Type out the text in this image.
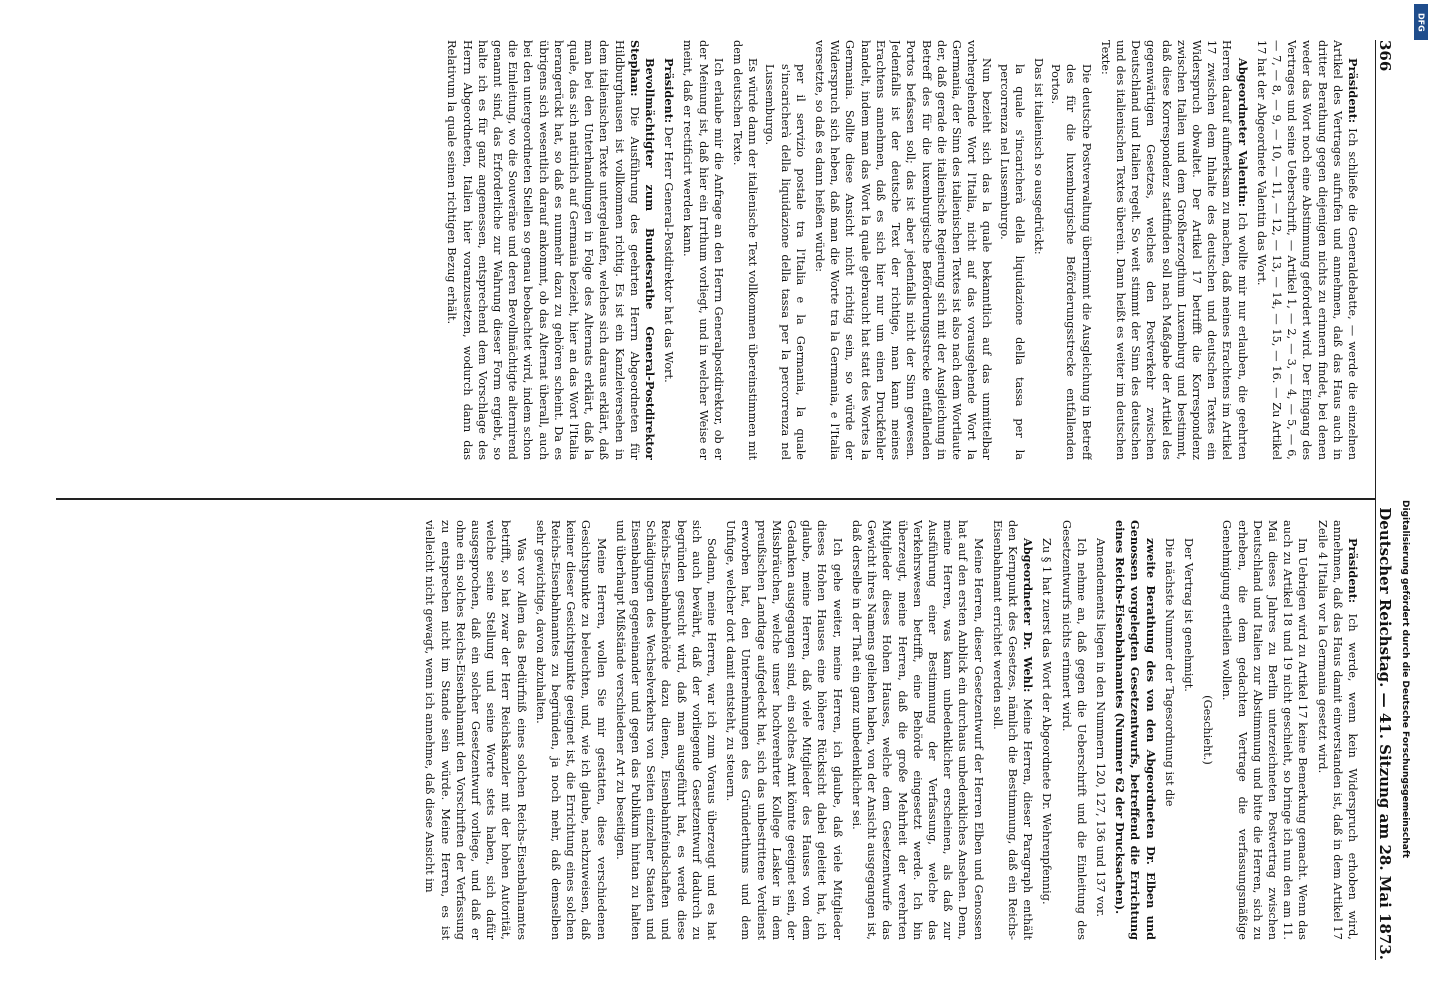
366
Deutscher Reichstag. — 41. Sitzung am 28. Mai 1873.

Präsident: Ich schließe die Generaldebatte, — werde die einzelnen Artikel des Vertrages aufrufen und annehmen, daß das Haus auch in dritter Berathung gegen diejenigen nichts zu erinnern findet, bei denen weder das Wort noch eine Abstimmung gefordert wird. Der Eingang des Vertrages und seine Ueberschrift, — Artikel 1, — 2, — 3, — 4, — 5, — 6, — 7, — 8, — 9, — 10, — 11, — 12, — 13, — 14, — 15, — 16. — Zu Artikel 17 hat der Abgeordnete Valentin das Wort.

Abgeordneter Valentin: Ich wollte mir nur erlauben, die geehrten Herren darauf aufmerksam zu machen, daß meines Erachtens im Artikel 17 zwischen dem Inhalte des deutschen und deutschen Textes ein Widerspruch obwaltet. Der Artikel 17 betrifft die Korrespondenz zwischen Italien und dem Großherzogthum Luxemburg und bestimmt, daß diese Korrespondenz stattfinden soll nach Maßgabe der Artikel des gegenwärtigen Gesetzes, welches den Postverkehr zwischen Deutschland und Italien regelt. So weit stimmt der Sinn des deutschen und des italienischen Textes überein. Dann heißt es weiter im deutschen Texte:

Die deutsche Postverwaltung übernimmt die Ausgleichung in Betreff des für die luxemburgische Beförderungsstrecke entfallenden Portos.

Das ist italienisch so ausgedrückt:

la quale s'incaricherà della liquidazione della tassa per la percorrenza nel Lussemburgo.

Nun bezieht sich das la quale bekanntlich auf das unmittelbar vorhergehende Wort l'Italia, nicht auf das vorausgehende Wort la Germania, der Sinn des italienischen Textes ist also nach dem Wortlaute der, daß gerade die italienische Regierung sich mit der Ausgleichung in Betreff des für die luxemburgische Beförderungsstrecke entfallenden Portos befassen soll; das ist aber jedenfalls nicht der Sinn gewesen. Jedenfalls ist der deutsche Text der richtige, man kann meines Erachtens annehmen, daß es sich hier nur um einen Druckfehler handelt, indem man das Wort la quale gebraucht hat statt des Wortes la Germania. Sollte diese Ansicht nicht richtig sein, so würde der Widerspruch sich heben, daß man die Worte tra la Germania, e l'Italia versetzte, so daß es dann heißen würde:

per il servizio postale tra l'Italia e la Germania, la quale s'incaricherà della liquidazione della tassa per la percorrenza nel Lussemburgo.

Es würde dann der italienische Text vollkommen übereinstimmen mit dem deutschen Texte.

Ich erlaube mir die Anfrage an den Herrn Generalpostdirektor, ob er der Meinung ist, daß hier ein Irrthum vorliegt, und in welcher Weise er meint, daß er rectificirt werden kann.

Präsident: Der Herr General-Postdirektor hat das Wort.

Bevollmächtigter zum Bundesrathe General-Postdirektor Stephan: Die Ausführung des geehrten Herrn Abgeordneten für Hildburghausen ist vollkommen richtig. Es ist ein Kanzleiversehen in dem italienischen Texte untergelaufen, welches sich daraus erklärt, daß man bei den Unterhandlungen in Folge des Alternats erklärt, daß la quale, das sich natürlich auf Germania bezieht, hier an das Wort l'Italia herangerückt hat, so daß es nunmehr dazu zu gehören scheint. Da es übrigens sich wesentlich darauf ankommt, ob das Alternat überall, auch bei den untergeordneten Stellen so genau beobachtet wird, indem schon die Einleitung, wo die Souveräne und deren Bevollmächtigte alternirend genannt sind, das Erforderliche zur Wahrung dieser Form ergiebt, so halte ich es für ganz angemessen, entsprechend dem Vorschlage des Herrn Abgeordneten, Italien hier voranzusetzen, wodurch dann das Relativum la quale seinen richtigen Bezug erhält.

Präsident: Ich werde, wenn kein Widerspruch erhoben wird, annehmen, daß das Haus damit einverstanden ist, daß in dem Artikel 17 Zeile 4 l'Italia vor la Germania gesetzt wird.

Im Uebrigen wird zu Artikel 17 keine Bemerkung gemacht. Wenn das auch zu Artikel 18 und 19 nicht geschieht, so bringe ich nun den am 11. Mai dieses Jahres zu Berlin unterzeichneten Postvertrag zwischen Deutschland und Italien zur Abstimmung und bitte die Herren, sich zu erheben, die dem gedachten Vertrage die verfassungsmäßige Genehmigung ertheilen wollen.

(Geschieht.)

Der Vertrag ist genehmigt.

Die nächste Nummer der Tagesordnung ist die

zweite Berathung des von den Abgeordneten Dr. Elben und Genossen vorgelegten Gesetzentwurfs, betreffend die Errichtung eines Reichs-Eisenbahnamtes (Nummer 62 der Drucksachen).

Amendements liegen in den Nummern 120, 127, 136 und 137 vor.

Ich nehme an, daß gegen die Ueberschrift und die Einleitung des Gesetzentwurfs nichts erinnert wird.

Zu § 1 hat zuerst das Wort der Abgeordnete Dr. Wehrenpfennig.

Abgeordneter Dr. Wehl: Meine Herren, dieser Paragraph enthält den Kernpunkt des Gesetzes, nämlich die Bestimmung, daß ein Reichs-Eisenbahnamt errichtet werden soll.

Meine Herren, dieser Gesetzentwurf der Herren Elben und Genossen hat auf den ersten Anblick ein durchaus unbedenkliches Ansehen. Denn, meine Herren, was kann unbedenklicher erscheinen, als daß zur Ausführung einer Bestimmung der Verfassung, welche das Verkehrswesen betrifft, eine Behörde eingesetzt werde. Ich bin überzeugt, meine Herren, daß die große Mehrheit der verehrten Mitglieder dieses Hohen Hauses, welche dem Gesetzentwurfe das Gewicht ihres Namens geliehen haben, von der Ansicht ausgegangen ist, daß derselbe in der That ein ganz unbedenklicher sei.

Ich gehe weiter, meine Herren, ich glaube, daß viele Mitglieder dieses Hohen Hauses eine höhere Rücksicht dabei geleitet hat, ich glaube, meine Herren, daß viele Mitglieder des Hauses von dem Gedanken ausgegangen sind, ein solches Amt könnte geeignet sein, der Missbräuchen, welche unser hochverehrter Kollege Lasker in dem preußischen Landtage aufgedeckt hat, sich das unbestrittene Verdienst erworben hat, den Unternehmungen des Gründerthums und dem Unfuge, welcher dort damit entsteht, zu steuern.

Sodann, meine Herren, war ich zum Voraus überzeugt und es hat sich auch bewährt, daß der vorliegende Gesetzentwurf dadurch zu begründen gesucht wird, daß man ausgeführt hat, es werde diese Reichs-Eisenbahnbehörde dazu dienen, Eisenbahnfeindschaften und Schädigungen des Wechselverkehrs von Seiten einzelner Staaten und Eisenbahnen gegeneinander und gegen das Publikum hintan zu halten und überhaupt Mißstände verschiedener Art zu beseitigen.

Meine Herren, wollen Sie mir gestatten, diese verschiedenen Gesichtspunkte zu beleuchten, und, wie ich glaube, nachzuweisen, daß keiner dieser Gesichtspunkte geeignet ist, die Errichtung eines solchen Reichs-Eisenbahnamtes zu begründen, ja noch mehr, daß demselben sehr gewichtige, davon abzuhalten.

Was vor Allem das Bedürfniß eines solchen Reichs-Eisenbahnamtes betrifft, so hat zwar der Herr Reichskanzler mit der hohen Autorität, welche seine Stellung und seine Worte stets haben, sich dafür ausgesprochen, daß ein solcher Gesetzentwurf vorliege, und daß er ohne ein solches Reichs-Eisenbahnamt den Vorschriften der Verfassung zu entsprechen nicht im Stande sein würde. Meine Herren, es ist vielleicht nicht gewagt, wenn ich annehme, daß diese Ansicht im

DFG
Digitalisierung gefördert durch die Deutsche Forschungsgemeinschaft
